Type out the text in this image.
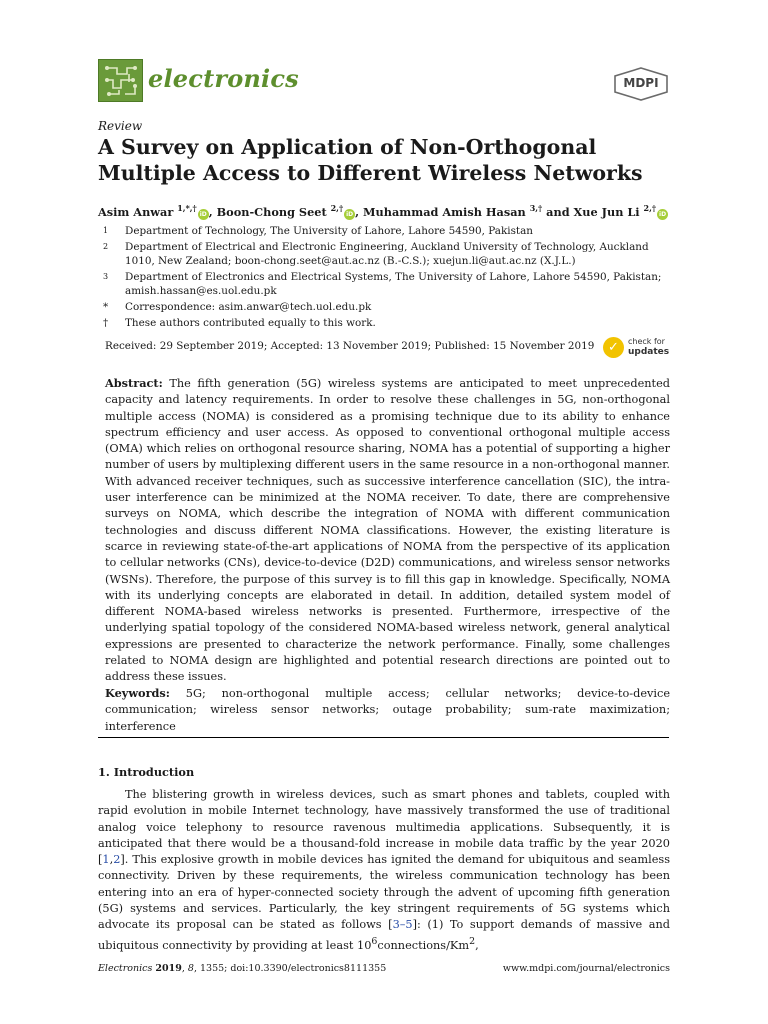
electronics	MDPI
Review
A Survey on Application of Non-Orthogonal Multiple Access to Different Wireless Networks
Asim Anwar $^{1,*,\dagger}$iD , Boon-Chong Seet $^{2,\dagger}$iD , Muhammad Amish Hasan $^{3,\dagger}$ and Xue Jun Li $^{2,\dagger}$iD
1	Department of Technology, The University of Lahore, Lahore 54590, Pakistan
2	Department of Electrical and Electronic Engineering, Auckland University of Technology, Auckland 1010, New Zealand; boon-chong.seet@aut.ac.nz (B.-C.S.); xuejun.li@aut.ac.nz (X.J.L.)
3	Department of Electronics and Electrical Systems, The University of Lahore, Lahore 54590, Pakistan; amish.hassan@es.uol.edu.pk
*	Correspondence: asim.anwar@tech.uol.edu.pk
†	These authors contributed equally to this work.
Received: 29 September 2019; Accepted: 13 November 2019; Published: 15 November 2019	✓	check for
updates
Abstract: The fifth generation (5G) wireless systems are anticipated to meet unprecedented capacity and latency requirements. In order to resolve these challenges in 5G, non-orthogonal multiple access (NOMA) is considered as a promising technique due to its ability to enhance spectrum efficiency and user access. As opposed to conventional orthogonal multiple access (OMA) which relies on orthogonal resource sharing, NOMA has a potential of supporting a higher number of users by multiplexing different users in the same resource in a non-orthogonal manner. With advanced receiver techniques, such as successive interference cancellation (SIC), the intra-user interference can be minimized at the NOMA receiver. To date, there are comprehensive surveys on NOMA, which describe the integration of NOMA with different communication technologies and discuss different NOMA classifications. However, the existing literature is scarce in reviewing state-of-the-art applications of NOMA from the perspective of its application to cellular networks (CNs), device-to-device (D2D) communications, and wireless sensor networks (WSNs). Therefore, the purpose of this survey is to fill this gap in knowledge. Specifically, NOMA with its underlying concepts are elaborated in detail. In addition, detailed system model of different NOMA-based wireless networks is presented. Furthermore, irrespective of the underlying spatial topology of the considered NOMA-based wireless network, general analytical expressions are presented to characterize the network performance. Finally, some challenges related to NOMA design are highlighted and potential research directions are pointed out to address these issues.
Keywords: 5G; non-orthogonal multiple access; cellular networks; device-to-device communication; wireless sensor networks; outage probability; sum-rate maximization; interference
1. Introduction
The blistering growth in wireless devices, such as smart phones and tablets, coupled with rapid evolution in mobile Internet technology, have massively transformed the use of traditional analog voice telephony to resource ravenous multimedia applications. Subsequently, it is anticipated that there would be a thousand-fold increase in mobile data traffic by the year 2020 [1,2]. This explosive growth in mobile devices has ignited the demand for ubiquitous and seamless connectivity. Driven by these requirements, the wireless communication technology has been entering into an era of hyper-connected society through the advent of upcoming fifth generation (5G) systems and services. Particularly, the key stringent requirements of 5G systems which advocate its proposal can be stated as follows [3–5]: (1) To support demands of massive and ubiquitous connectivity by providing at least $10^6connections/Km^2$,
Electronics 2019, 8, 1355; doi:10.3390/electronics8111355	www.mdpi.com/journal/electronics
